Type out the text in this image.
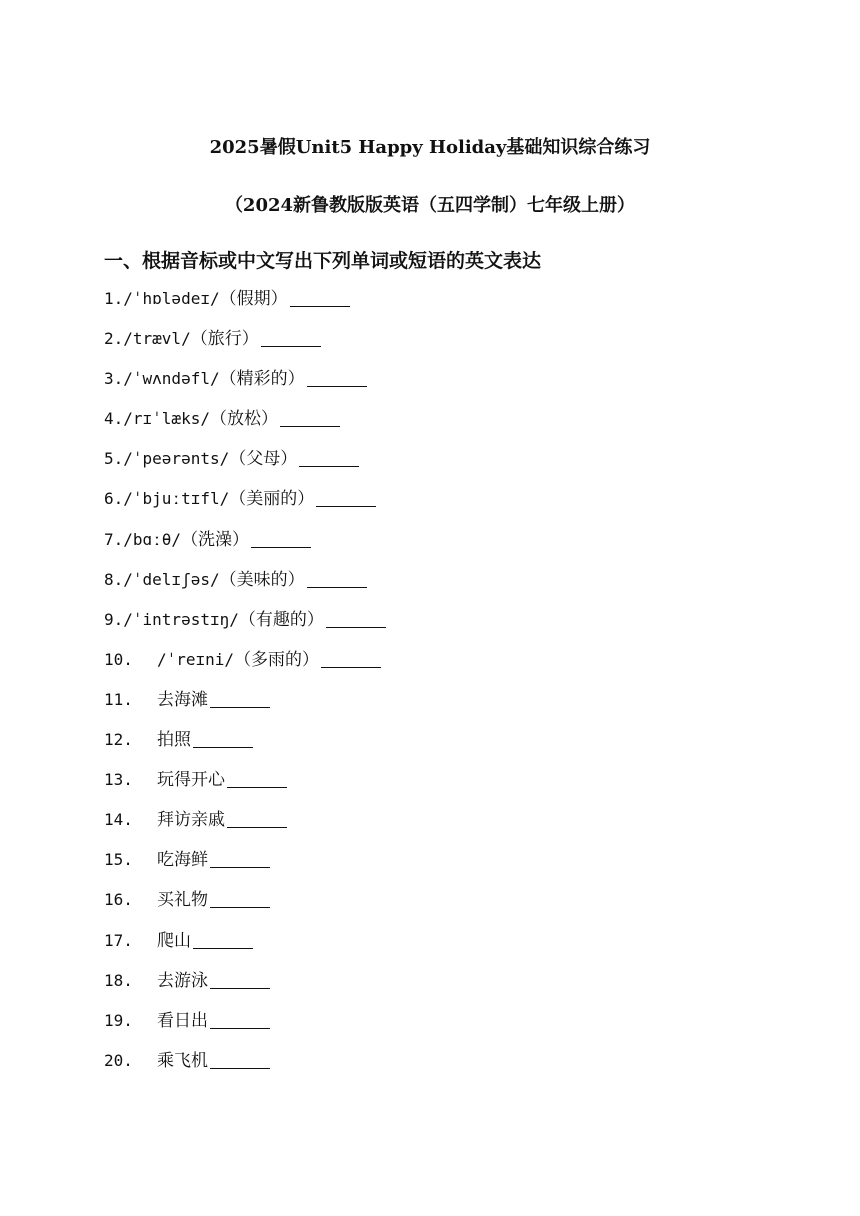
2025暑假Unit5 Happy Holiday基础知识综合练习
（2024新鲁教版版英语（五四学制）七年级上册）
一、根据音标或中文写出下列单词或短语的英文表达
1. /ˈhɒlədeɪ/ （假期）
2. /trævl/ （旅行）
3. /ˈwʌndəfl/ （精彩的）
4. /rɪˈlæks/ （放松）
5. /ˈpeərənts/ （父母）
6. /ˈbjuːtɪfl/ （美丽的）
7. /bɑːθ/ （洗澡）
8. /ˈdelɪʃəs/ （美味的）
9. /ˈintrəstɪŋ/ （有趣的）
10.	/ˈreɪni/ （多雨的）
11.	去海滩
12.	拍照
13.	玩得开心
14.	拜访亲戚
15.	吃海鲜
16.	买礼物
17.	爬山
18.	去游泳
19.	看日出
20.	乘飞机
